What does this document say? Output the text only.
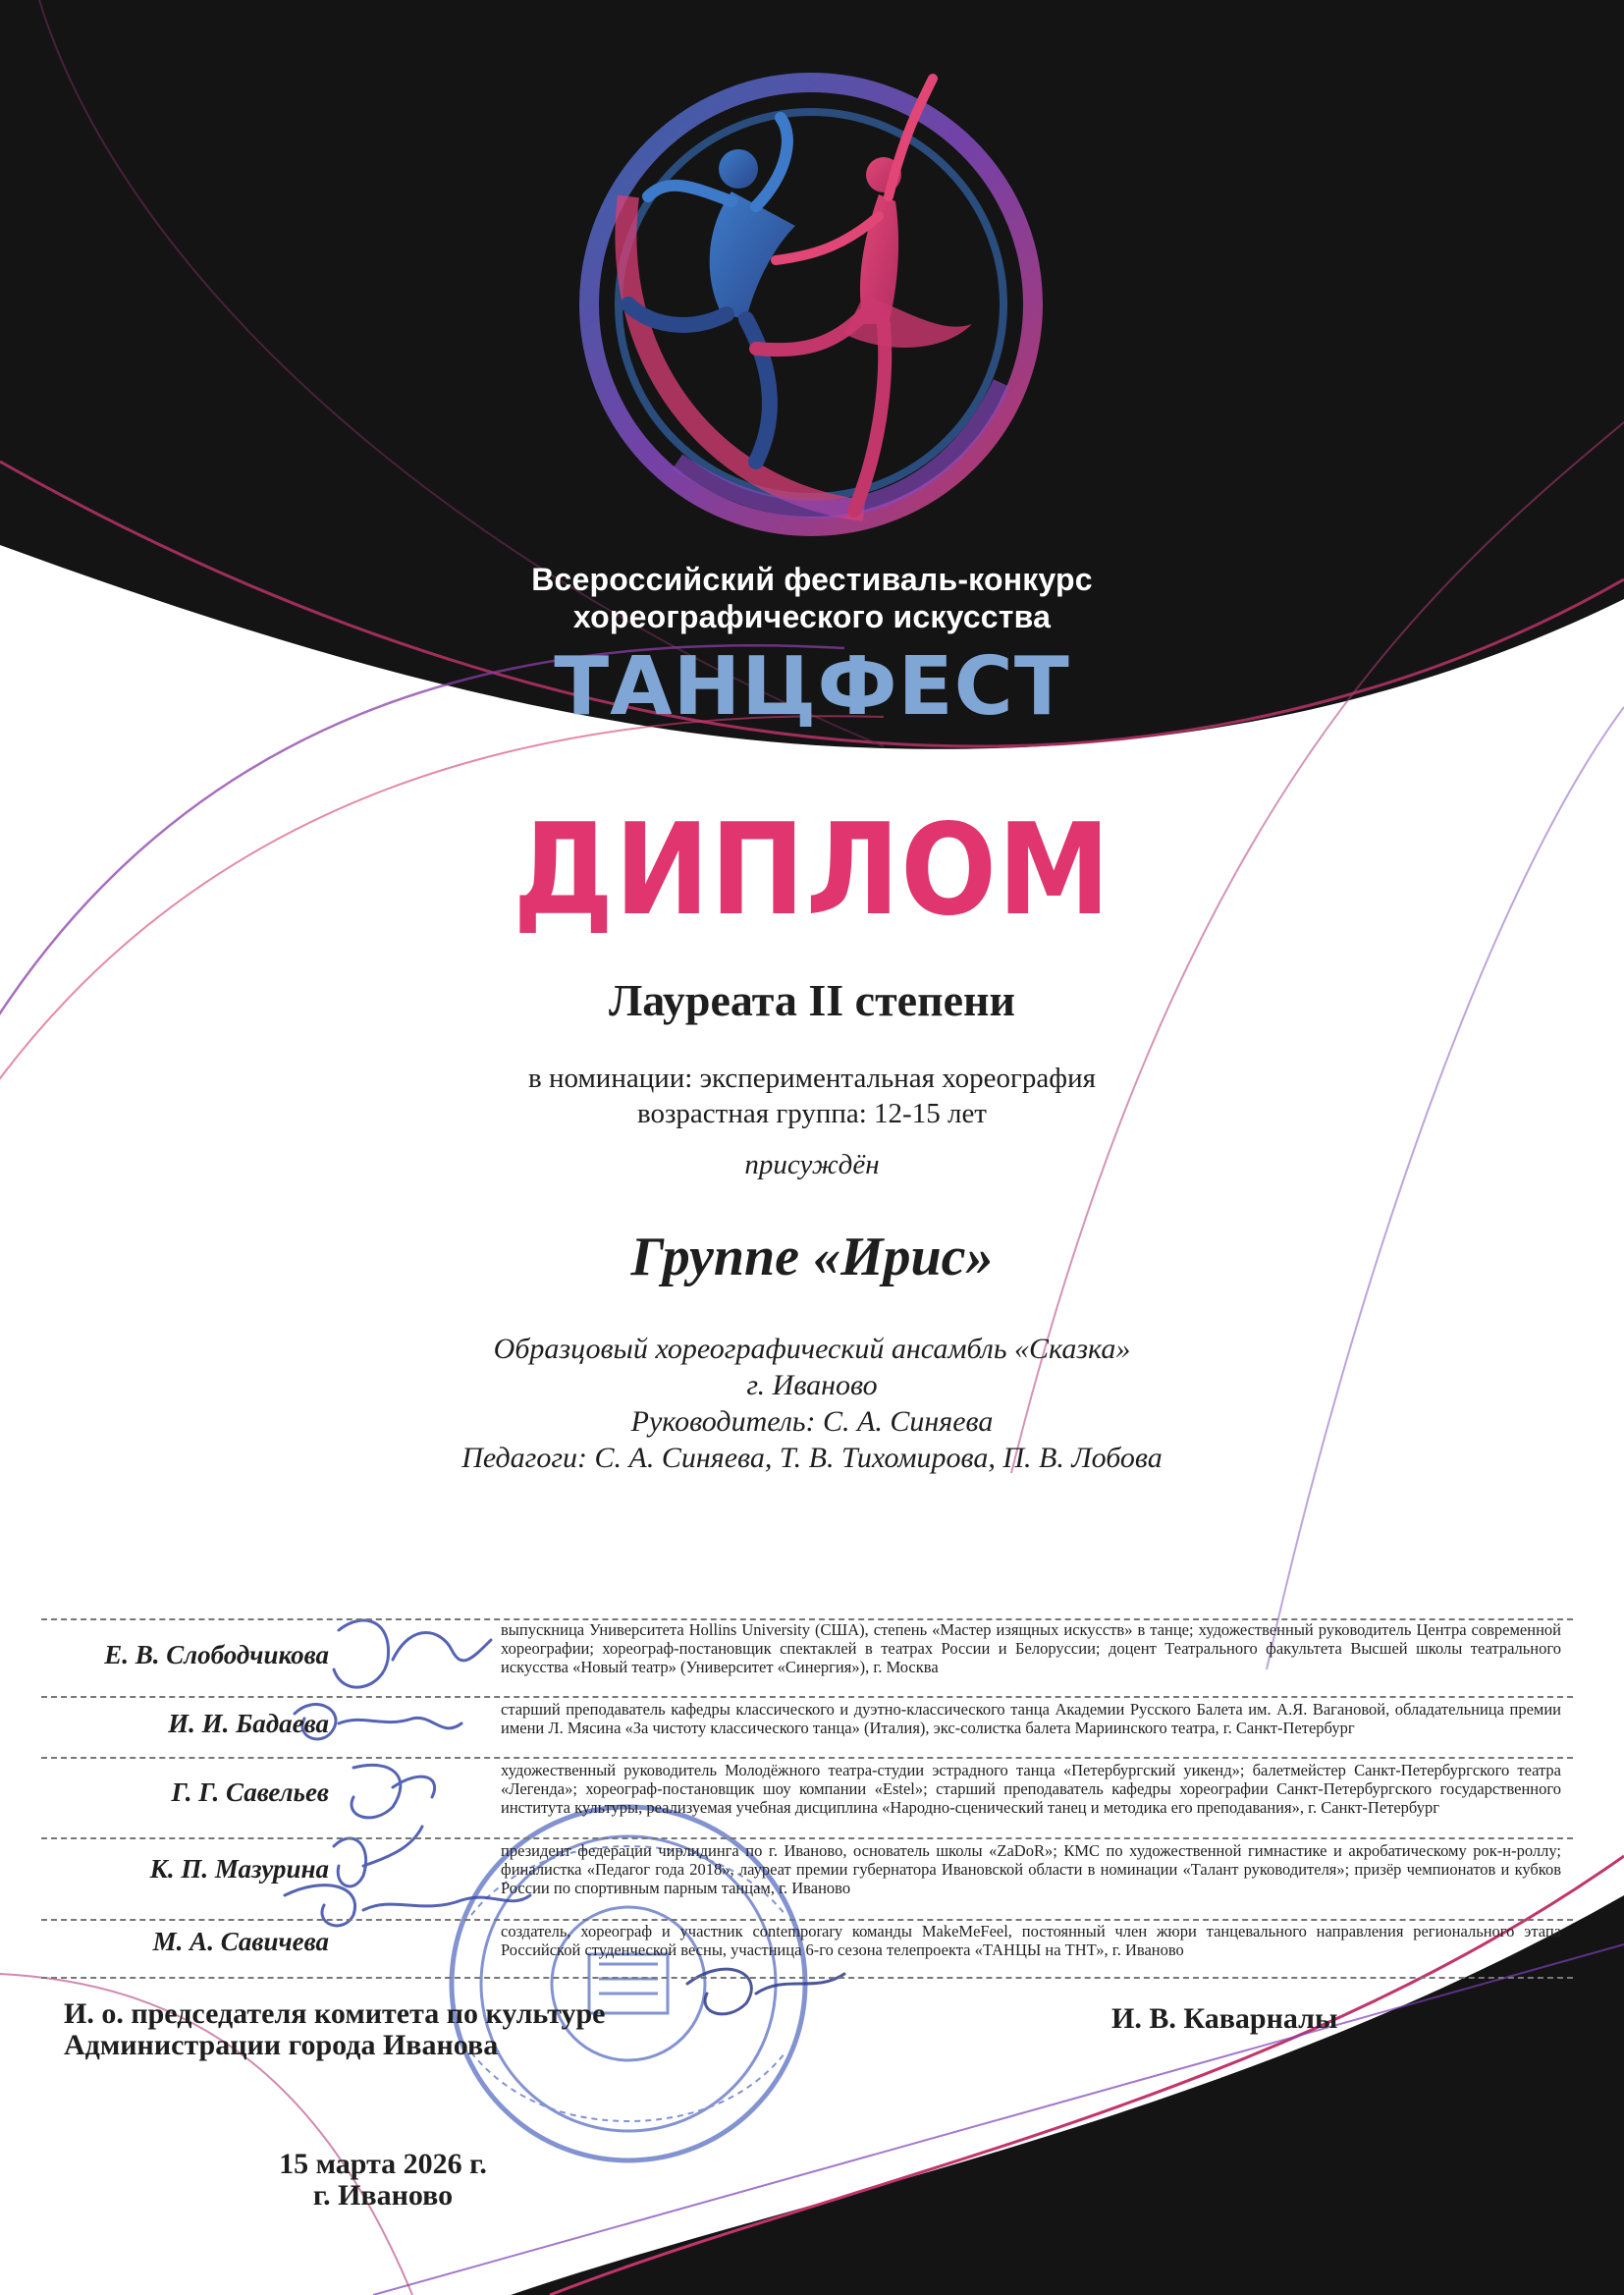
Всероссийский фестиваль-конкурс
хореографического искусства
ТАНЦФЕСТ
ДИПЛОМ
Лауреата II степени
в номинации: экспериментальная хореография
возрастная группа: 12-15 лет
присуждён
Группе «Ирис»
Образцовый хореографический ансамбль «Сказка»
г. Иваново
Руководитель: С. А. Синяева
Педагоги: С. А. Синяева, Т. В. Тихомирова, П. В. Лобова
Е. В. Слободчикова
выпускница Университета Hollins University (США), степень «Мастер изящных искусств» в танце; художественный руководитель Центра современной хореографии; хореограф-постановщик спектаклей в театрах России и Белоруссии; доцент Театрального факультета Высшей школы театрального искусства «Новый театр» (Университет «Синергия»), г. Москва
И. И. Бадаева	старший преподаватель кафедры классического и дуэтно-классического танца Академии Русского Балета им. А.Я. Вагановой, обладательница премии имени Л. Мясина «За чистоту классического танца» (Италия), экс-солистка балета Мариинского театра, г. Санкт-Петербург
Г. Г. Савельев
художественный руководитель Молодёжного театра-студии эстрадного танца «Петербургский уикенд»; балетмейстер Санкт-Петербургского театра «Легенда»; хореограф-постановщик шоу компании «Estel»; старший преподаватель кафедры хореографии Санкт-Петербургского государственного института культуры, реализуемая учебная дисциплина «Народно-сценический танец и методика его преподавания», г. Санкт-Петербург
К. П. Мазурина
президент федерации чирлидинга по г. Иваново, основатель школы «ZaDoR»; КМС по художественной гимнастике и акробатическому рок-н-роллу; финалистка «Педагог года 2018», лауреат премии губернатора Ивановской области в номинации «Талант руководителя»; призёр чемпионатов и кубков России по спортивным парным танцам, г. Иваново
М. А. Савичева	создатель, хореограф и участник contemporary команды MakeMeFeel, постоянный член жюри танцевального направления регионального этапа Российской студенческой весны, участница 6-го сезона телепроекта «ТАНЦЫ на ТНТ», г. Иваново
И. о. председателя комитета по культуре
Администрации города Иванова
И. В. Каварналы
15 марта 2026 г.
г. Иваново
